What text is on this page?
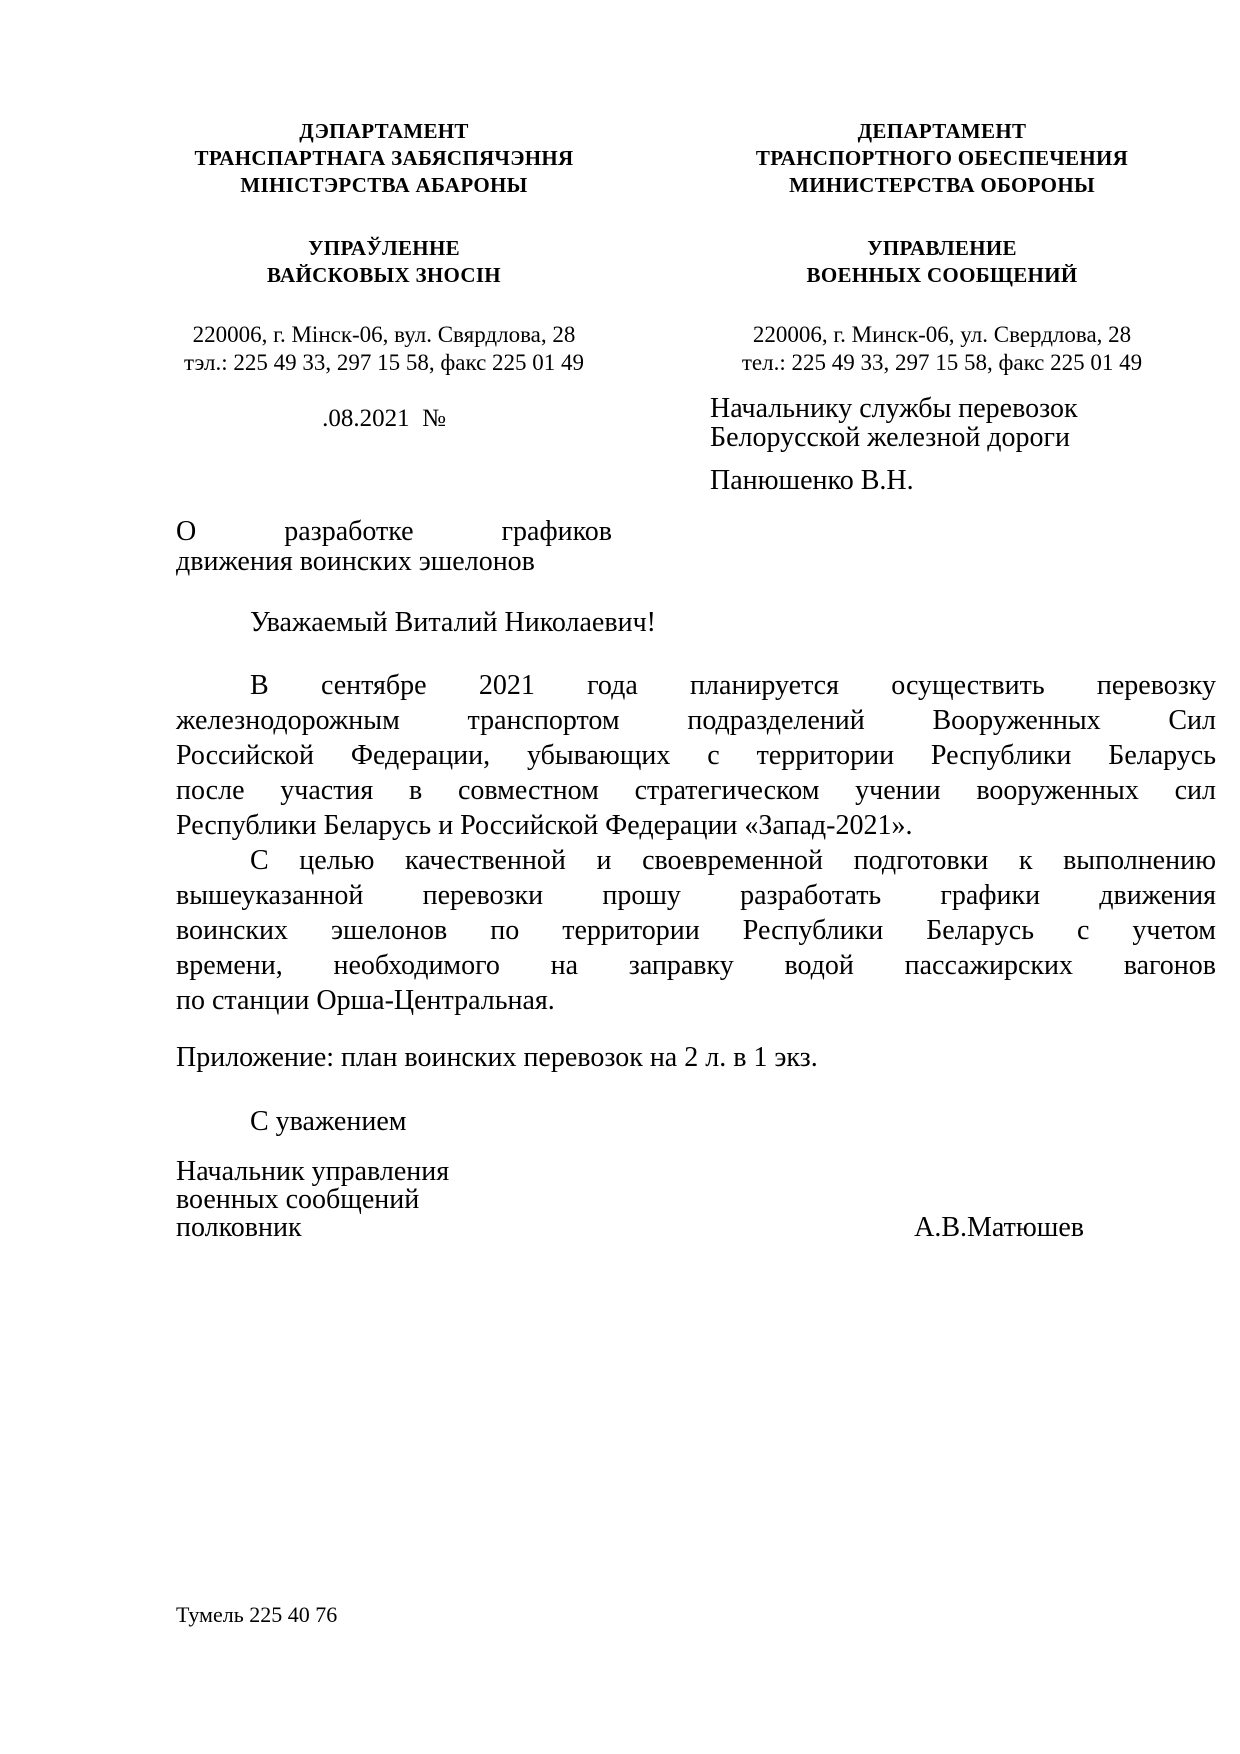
ДЭПАРТАМЕНТ
ТРАНСПАРТНАГА ЗАБЯСПЯЧЭННЯ
МІНІСТЭРСТВА АБАРОНЫ
УПРАЎЛЕННЕ
ВАЙСКОВЫХ ЗНОСІН
220006, г. Мінск-06, вул. Свярдлова, 28
тэл.: 225 49 33, 297 15 58, факс 225 01 49
.08.2021  №
ДЕПАРТАМЕНТ
ТРАНСПОРТНОГО ОБЕСПЕЧЕНИЯ
МИНИСТЕРСТВА ОБОРОНЫ
УПРАВЛЕНИЕ
ВОЕННЫХ СООБЩЕНИЙ
220006, г. Минск-06, ул. Свердлова, 28
тел.: 225 49 33, 297 15 58, факс 225 01 49
Начальнику службы перевозок
Белорусской железной дороги
Панюшенко В.Н.
О разработке графиков
движения воинских эшелонов
Уважаемый Виталий Николаевич!
В сентябре 2021 года планируется осуществить перевозку
железнодорожным транспортом подразделений Вооруженных Сил
Российской Федерации, убывающих с территории Республики Беларусь
после участия в совместном стратегическом учении вооруженных сил
Республики Беларусь и Российской Федерации «Запад-2021».
С целью качественной и своевременной подготовки к выполнению
вышеуказанной перевозки прошу разработать графики движения
воинских эшелонов по территории Республики Беларусь с учетом
времени, необходимого на заправку водой пассажирских вагонов
по станции Орша-Центральная.
Приложение: план воинских перевозок на 2 л. в 1 экз.
С уважением
Начальник управления
военных сообщений
полковник	А.В.Матюшев
Тумель 225 40 76
